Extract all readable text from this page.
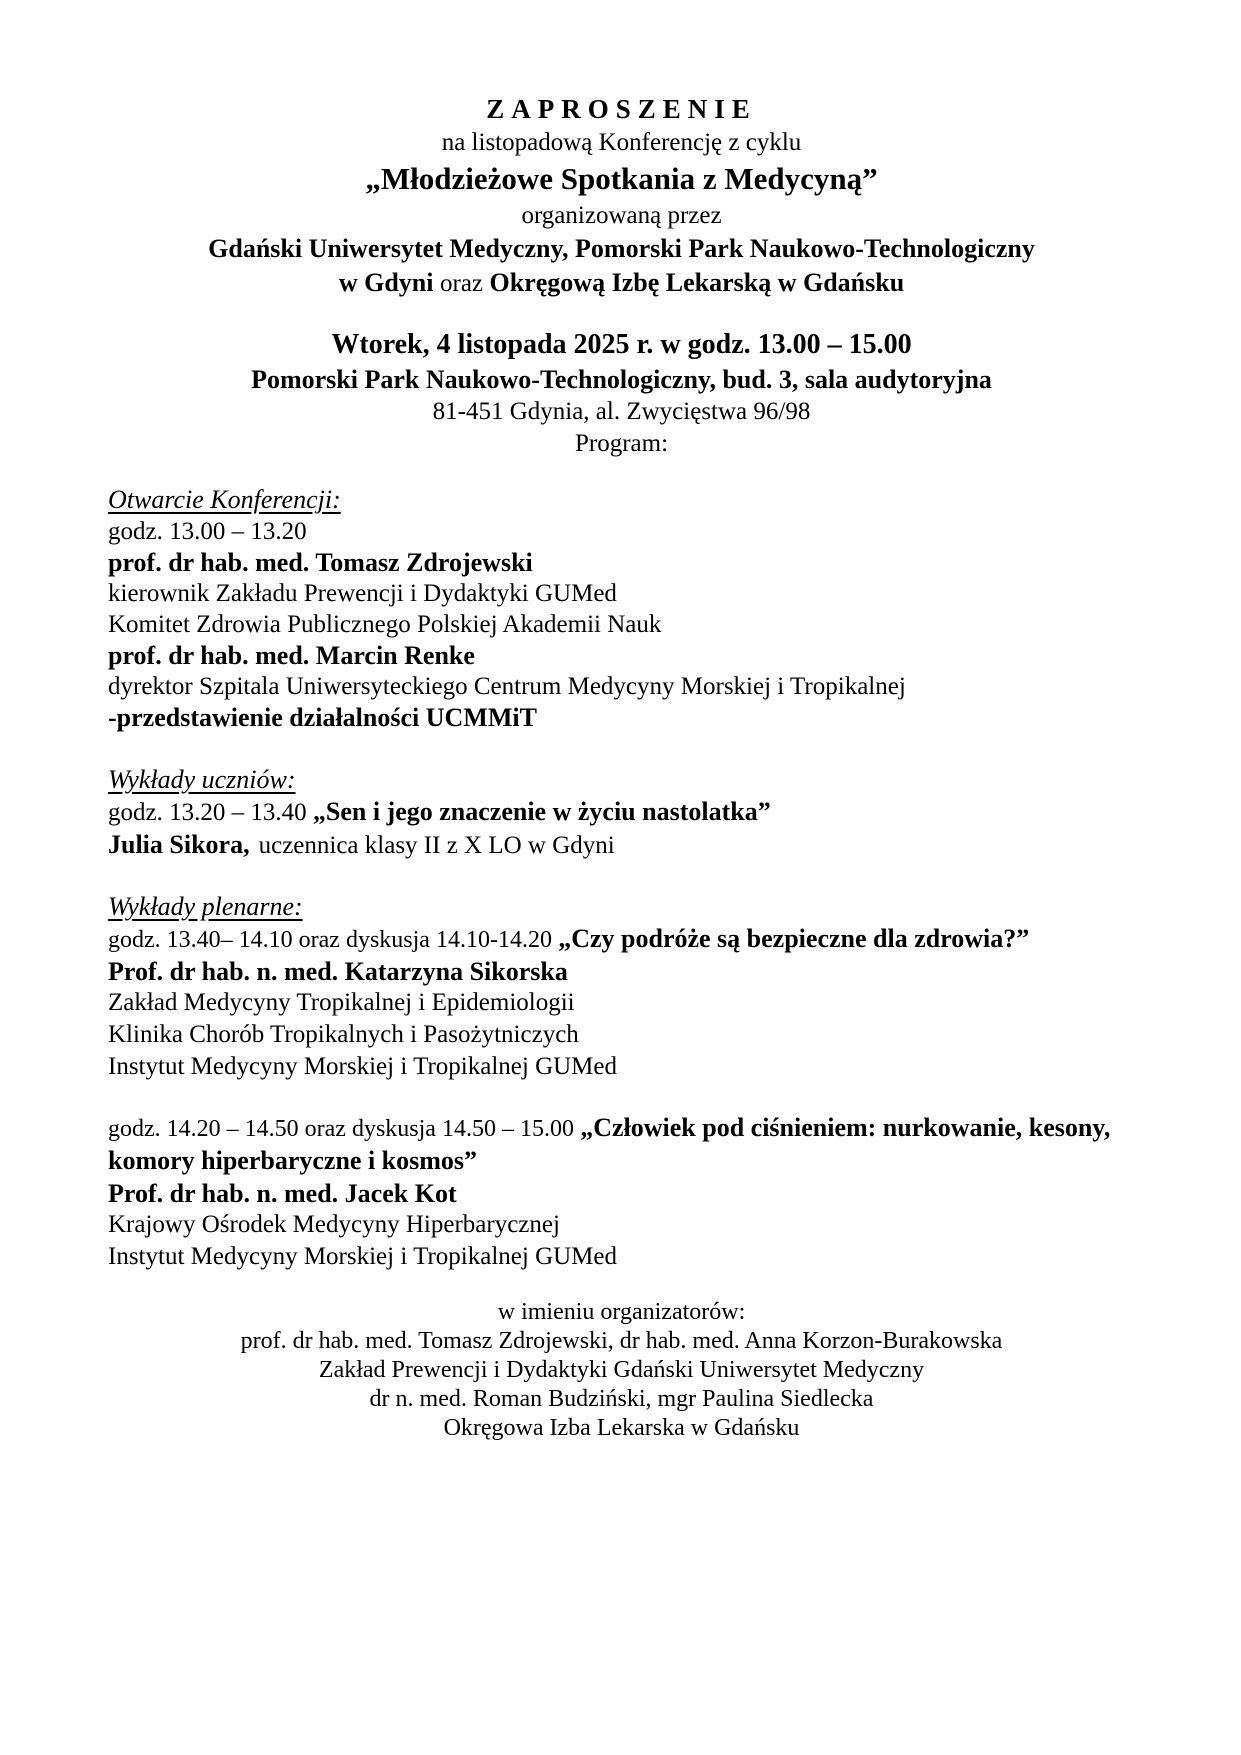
ZAPROSZENIE

na listopadową Konferencję z cyklu

„Młodzieżowe Spotkania z Medycyną”

organizowaną przez

Gdański Uniwersytet Medyczny, Pomorski Park Naukowo-Technologiczny

w Gdyni oraz Okręgową Izbę Lekarską w Gdańsku

Wtorek, 4 listopada 2025 r. w godz. 13.00 – 15.00

Pomorski Park Naukowo-Technologiczny, bud. 3, sala audytoryjna

81-451 Gdynia, al. Zwycięstwa 96/98

Program:

Otwarcie Konferencji:

godz. 13.00 – 13.20

prof. dr hab. med. Tomasz Zdrojewski

kierownik Zakładu Prewencji i Dydaktyki GUMed

Komitet Zdrowia Publicznego Polskiej Akademii Nauk

prof. dr hab. med. Marcin Renke

dyrektor Szpitala Uniwersyteckiego Centrum Medycyny Morskiej i Tropikalnej

-przedstawienie działalności UCMMiT

Wykłady uczniów:

godz. 13.20 – 13.40 „Sen i jego znaczenie w życiu nastolatka”

Julia Sikora, uczennica klasy II z X LO w Gdyni

Wykłady plenarne:

godz. 13.40– 14.10 oraz dyskusja 14.10-14.20 „Czy podróże są bezpieczne dla zdrowia?”

Prof. dr hab. n. med. Katarzyna Sikorska

Zakład Medycyny Tropikalnej i Epidemiologii

Klinika Chorób Tropikalnych i Pasożytniczych

Instytut Medycyny Morskiej i Tropikalnej GUMed

godz. 14.20 – 14.50 oraz dyskusja 14.50 – 15.00 „Człowiek pod ciśnieniem: nurkowanie, kesony, komory hiperbaryczne i kosmos”

Prof. dr hab. n. med. Jacek Kot

Krajowy Ośrodek Medycyny Hiperbarycznej

Instytut Medycyny Morskiej i Tropikalnej GUMed

w imieniu organizatorów:

prof. dr hab. med. Tomasz Zdrojewski, dr hab. med. Anna Korzon-Burakowska

Zakład Prewencji i Dydaktyki Gdański Uniwersytet Medyczny

dr n. med. Roman Budziński, mgr Paulina Siedlecka

Okręgowa Izba Lekarska w Gdańsku
